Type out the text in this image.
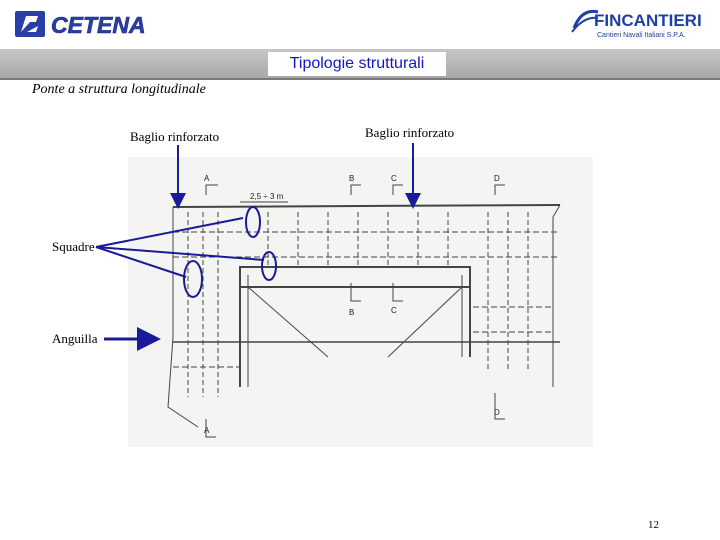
CETENA	FINCANTIERI
Cantieri Navali Italiani S.P.A.
Tipologie strutturali
Ponte a struttura longitudinale
Baglio rinforzato	Baglio rinforzato
Squadre
Anguilla
A	B	C	D
B	C
D
A
2,5 ÷ 3 m
12
